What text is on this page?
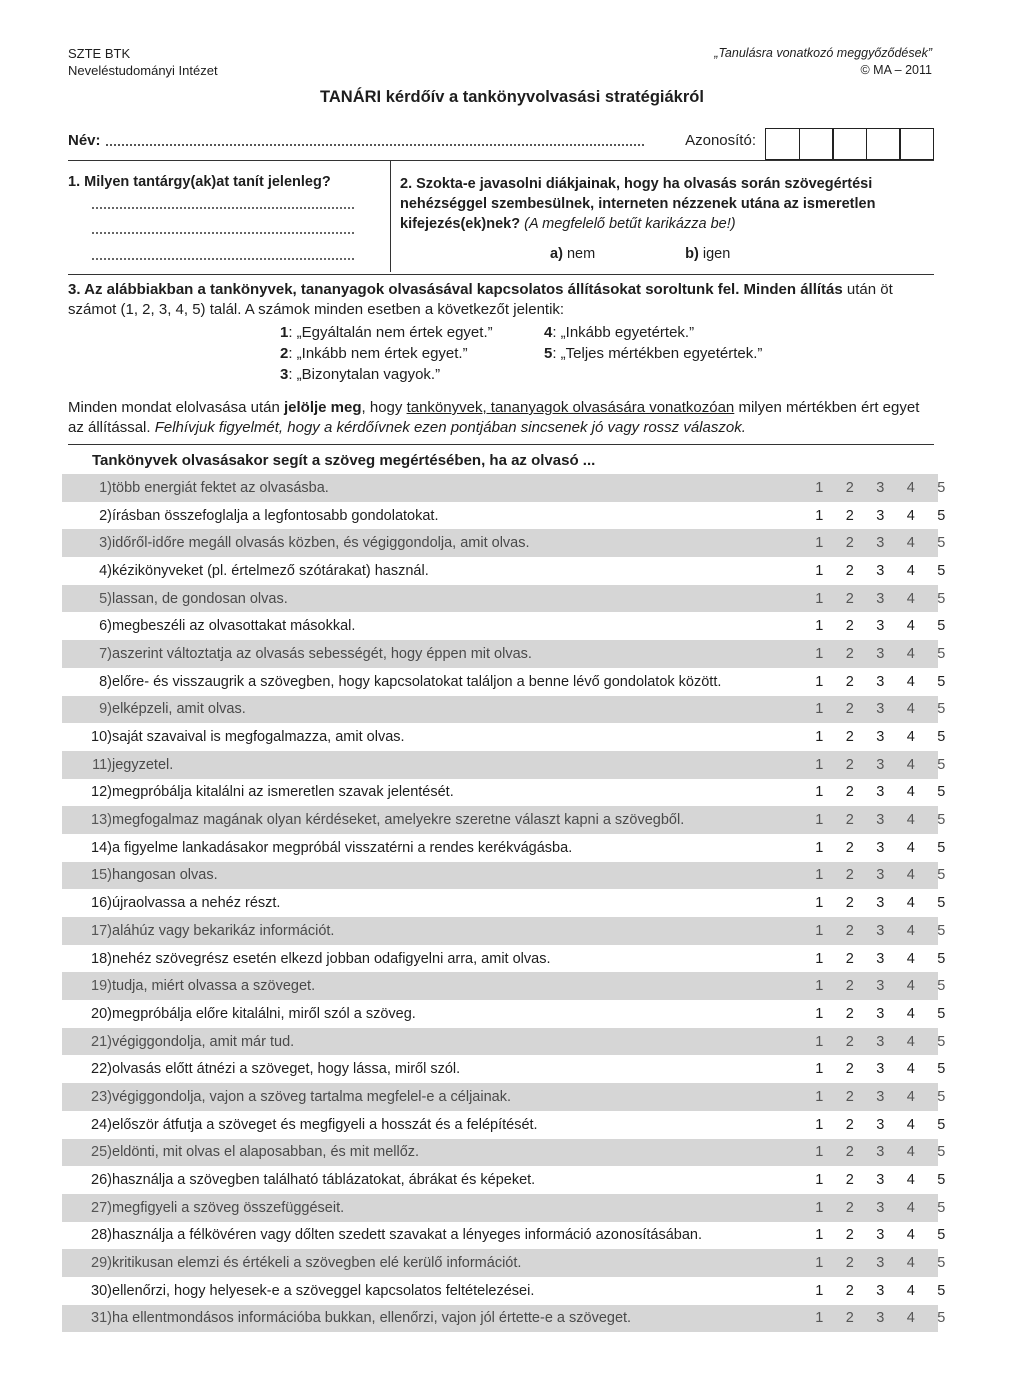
SZTE BTK
Neveléstudományi Intézet
„Tanulásra vonatkozó meggyőződések”
© MA – 2011
TANÁRI kérdőív a tankönyvolvasási stratégiákról
Név:	Azonosító:
1. Milyen tantárgy(ak)at tanít jelenleg?	2. Szokta-e javasolni diákjainak, hogy ha olvasás során szövegértési nehézséggel szembesülnek, interneten nézzenek utána az ismeretlen kifejezés(ek)nek? (A megfelelő betűt karikázza be!)
a) nem	b) igen
3. Az alábbiakban a tankönyvek, tananyagok olvasásával kapcsolatos állításokat soroltunk fel. Minden állítás után öt számot (1, 2, 3, 4, 5) talál. A számok minden esetben a következőt jelentik:
1: „Egyáltalán nem értek egyet.”	4: „Inkább egyetértek.”
2: „Inkább nem értek egyet.”	5: „Teljes mértékben egyetértek.”
3: „Bizonytalan vagyok.”
Minden mondat elolvasása után jelölje meg, hogy tankönyvek, tananyagok olvasására vonatkozóan milyen mértékben ért egyet az állítással. Felhívjuk figyelmét, hogy a kérdőívnek ezen pontjában sincsenek jó vagy rossz válaszok.
Tankönyvek olvasásakor segít a szöveg megértésében, ha az olvasó ...
1) több energiát fektet az olvasásba.	1	2	3	4	5
2) írásban összefoglalja a legfontosabb gondolatokat.	1	2	3	4	5
3) időről-időre megáll olvasás közben, és végiggondolja, amit olvas.	1	2	3	4	5
4) kézikönyveket (pl. értelmező szótárakat) használ.	1	2	3	4	5
5) lassan, de gondosan olvas.	1	2	3	4	5
6) megbeszéli az olvasottakat másokkal.	1	2	3	4	5
7) aszerint változtatja az olvasás sebességét, hogy éppen mit olvas.	1	2	3	4	5
8) előre- és visszaugrik a szövegben, hogy kapcsolatokat találjon a benne lévő gondolatok között.	1	2	3	4	5
9) elképzeli, amit olvas.	1	2	3	4	5
10) saját szavaival is megfogalmazza, amit olvas.	1	2	3	4	5
11) jegyzetel.	1	2	3	4	5
12) megpróbálja kitalálni az ismeretlen szavak jelentését.	1	2	3	4	5
13) megfogalmaz magának olyan kérdéseket, amelyekre szeretne választ kapni a szövegből.	1	2	3	4	5
14) a figyelme lankadásakor megpróbál visszatérni a rendes kerékvágásba.	1	2	3	4	5
15) hangosan olvas.	1	2	3	4	5
16) újraolvassa a nehéz részt.	1	2	3	4	5
17) aláhúz vagy bekarikáz információt.	1	2	3	4	5
18) nehéz szövegrész esetén elkezd jobban odafigyelni arra, amit olvas.	1	2	3	4	5
19) tudja, miért olvassa a szöveget.	1	2	3	4	5
20) megpróbálja előre kitalálni, miről szól a szöveg.	1	2	3	4	5
21) végiggondolja, amit már tud.	1	2	3	4	5
22) olvasás előtt átnézi a szöveget, hogy lássa, miről szól.	1	2	3	4	5
23) végiggondolja, vajon a szöveg tartalma megfelel-e a céljainak.	1	2	3	4	5
24) először átfutja a szöveget és megfigyeli a hosszát és a felépítését.	1	2	3	4	5
25) eldönti, mit olvas el alaposabban, és mit mellőz.	1	2	3	4	5
26) használja a szövegben található táblázatokat, ábrákat és képeket.	1	2	3	4	5
27) megfigyeli a szöveg összefüggéseit.	1	2	3	4	5
28) használja a félkövéren vagy dőlten szedett szavakat a lényeges információ azonosításában.	1	2	3	4	5
29) kritikusan elemzi és értékeli a szövegben elé kerülő információt.	1	2	3	4	5
30) ellenőrzi, hogy helyesek-e a szöveggel kapcsolatos feltételezései.	1	2	3	4	5
31) ha ellentmondásos információba bukkan, ellenőrzi, vajon jól értette-e a szöveget.	1	2	3	4	5
